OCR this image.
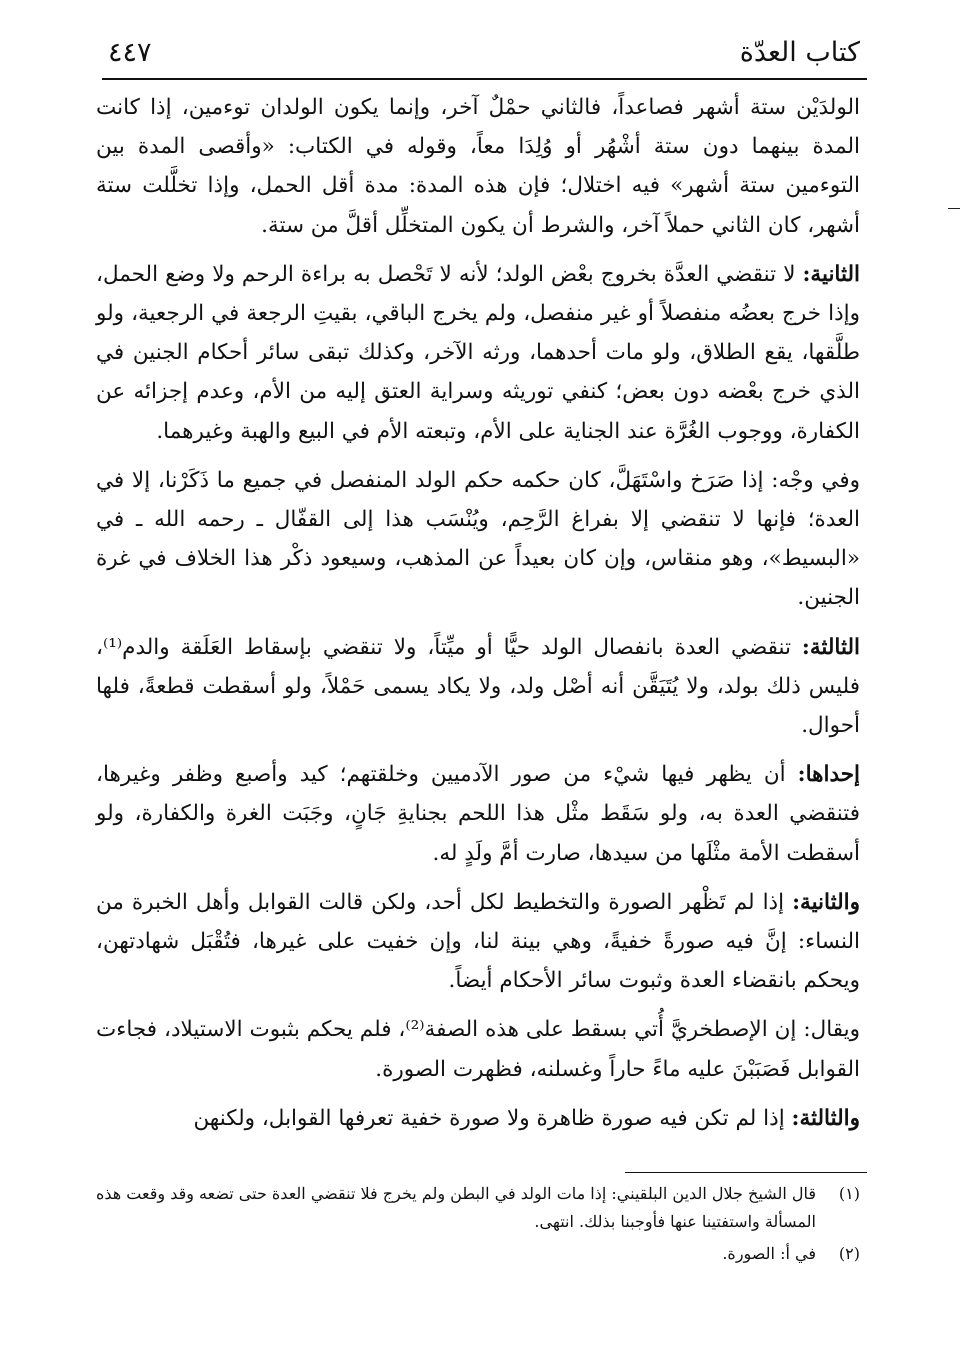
كتاب العدّة
٤٤٧

الولدَيْن ستة أشهر فصاعداً، فالثاني حمْلٌ آخر، وإنما يكون الولدان توءمين، إذا كانت المدة بينهما دون ستة أشْهُر أو وُلِدَا معاً، وقوله في الكتاب: «وأقصى المدة بين التوءمين ستة أشهر» فيه اختلال؛ فإن هذه المدة: مدة أقل الحمل، وإذا تخلَّلت ستة أشهر، كان الثاني حملاً آخر، والشرط أن يكون المتخلِّل أقلَّ من ستة.

الثانية: لا تنقضي العدَّة بخروج بعْض الولد؛ لأنه لا تَحْصل به براءة الرحم ولا وضع الحمل، وإذا خرج بعضُه منفصلاً أو غير منفصل، ولم يخرج الباقي، بقيتِ الرجعة في الرجعية، ولو طلَّقها، يقع الطلاق، ولو مات أحدهما، ورثه الآخر، وكذلك تبقى سائر أحكام الجنين في الذي خرج بعْضه دون بعض؛ كنفي توريثه وسراية العتق إليه من الأم، وعدم إجزائه عن الكفارة، ووجوب الغُرَّة عند الجناية على الأم، وتبعته الأم في البيع والهبة وغيرهما.

وفي وجْه: إذا صَرَخ واسْتَهَلَّ، كان حكمه حكم الولد المنفصل في جميع ما ذَكَرْنا، إلا في العدة؛ فإنها لا تنقضي إلا بفراغ الرَّحِم، ويُنْسَب هذا إلى القفّال ـ رحمه الله ـ في «البسيط»، وهو منقاس، وإن كان بعيداً عن المذهب، وسيعود ذكْر هذا الخلاف في غرة الجنين.

الثالثة: تنقضي العدة بانفصال الولد حيًّا أو ميِّتاً، ولا تنقضي بإسقاط العَلَقة والدم⁽¹⁾، فليس ذلك بولد، ولا يُتَيَقَّن أنه أصْل ولد، ولا يكاد يسمى حَمْلاً، ولو أسقطت قطعةً، فلها أحوال.

إحداها: أن يظهر فيها شيْء من صور الآدميين وخلقتهم؛ كيد وأصبع وظفر وغيرها، فتنقضي العدة به، ولو سَقَط مثْل هذا اللحم بجنايةِ جَانٍ، وجَبَت الغرة والكفارة، ولو أسقطت الأمة مثْلَها من سيدها، صارت أمَّ ولَدٍ له.

والثانية: إذا لم تَظْهر الصورة والتخطيط لكل أحد، ولكن قالت القوابل وأهل الخبرة من النساء: إنَّ فيه صورةً خفيةً، وهي بينة لنا، وإن خفيت على غيرها، فتُقْبَل شهادتهن، ويحكم بانقضاء العدة وثبوت سائر الأحكام أيضاً.

ويقال: إن الإصطخريَّ أُتي بسقط على هذه الصفة⁽²⁾، فلم يحكم بثبوت الاستيلاد، فجاءت القوابل فَصَبَبْنَ عليه ماءً حاراً وغسلنه، فظهرت الصورة.

والثالثة: إذا لم تكن فيه صورة ظاهرة ولا صورة خفية تعرفها القوابل، ولكنهن

(١)
قال الشيخ جلال الدين البلقيني: إذا مات الولد في البطن ولم يخرج فلا تنقضي العدة حتى تضعه وقد وقعت هذه المسألة واستفتينا عنها فأوجبنا بذلك. انتهى.
(٢)
في أ: الصورة.
